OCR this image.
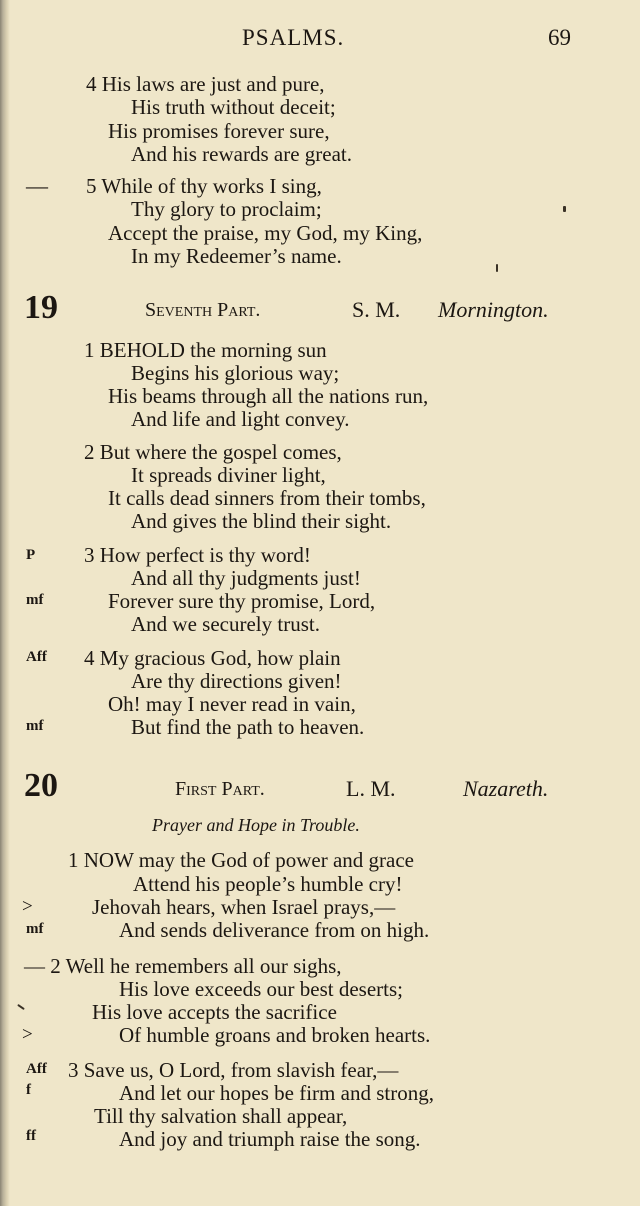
PSALMS.	69
4 His laws are just and pure,
His truth without deceit;
His promises forever sure,
And his rewards are great.
— 5 While of thy works I sing,
Thy glory to proclaim;
Accept the praise, my God, my King,
In my Redeemer’s name.
19	Seventh Part.	S. M. Mornington.
1 BEHOLD the morning sun
Begins his glorious way;
His beams through all the nations run,
And life and light convey.
2 But where the gospel comes,
It spreads diviner light,
It calls dead sinners from their tombs,
And gives the blind their sight.
P 3 How perfect is thy word!
And all thy judgments just!
mf	Forever sure thy promise, Lord,
And we securely trust.
Aff 4 My gracious God, how plain
Are thy directions given!
Oh! may I never read in vain,
mf	But find the path to heaven.
20	First Part.	L. M.	Nazareth.
Prayer and Hope in Trouble.
1 NOW may the God of power and grace
Attend his people’s humble cry!
>	Jehovah hears, when Israel prays,—
mf	And sends deliverance from on high.
— 2 Well he remembers all our sighs,
His love exceeds our best deserts;
His love accepts the sacrifice
>	Of humble groans and broken hearts.
Aff 3 Save us, O Lord, from slavish fear,—
f	And let our hopes be firm and strong,
Till thy salvation shall appear,
ff	And joy and triumph raise the song.
